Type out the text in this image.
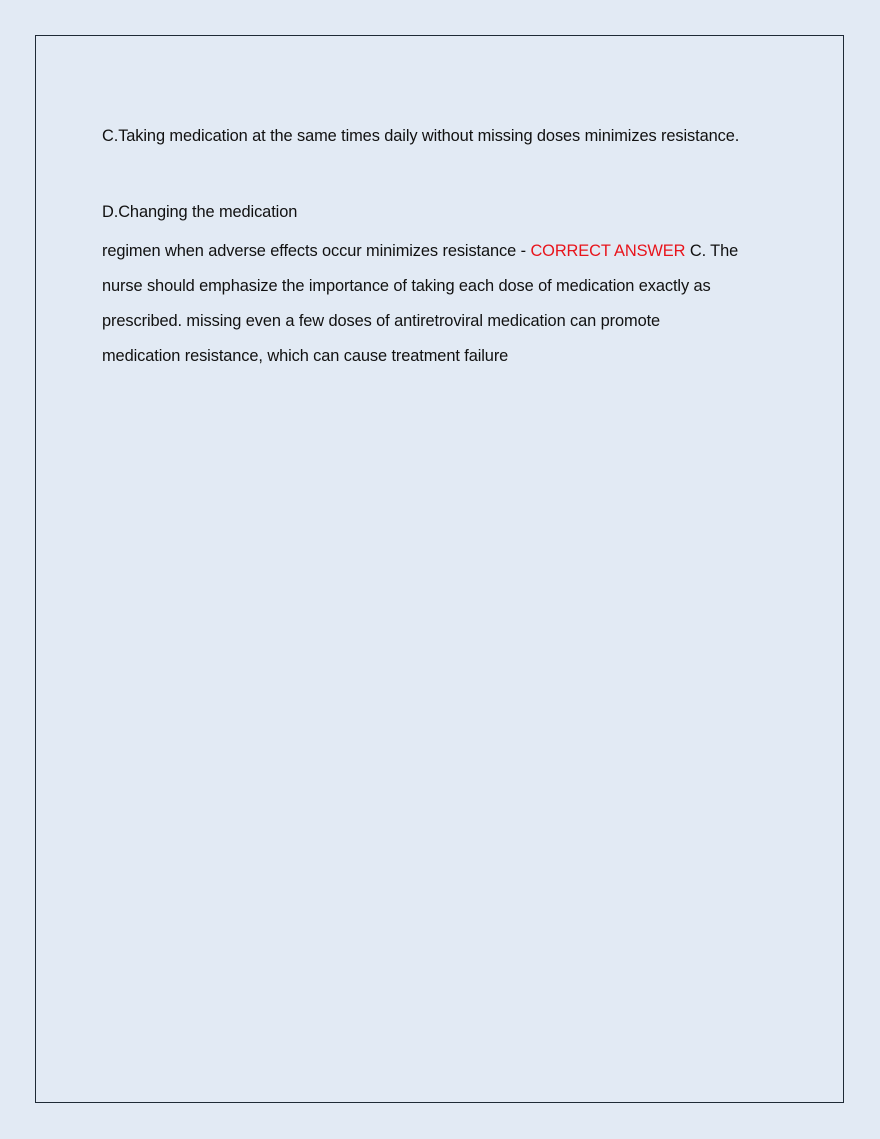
C.Taking medication at the same times daily without missing doses minimizes resistance.

D.Changing the medication

regimen when adverse effects occur minimizes resistance - CORRECT ANSWER C. The

nurse should emphasize the importance of taking each dose of medication exactly as

prescribed. missing even a few doses of antiretroviral medication can promote

medication resistance, which can cause treatment failure
